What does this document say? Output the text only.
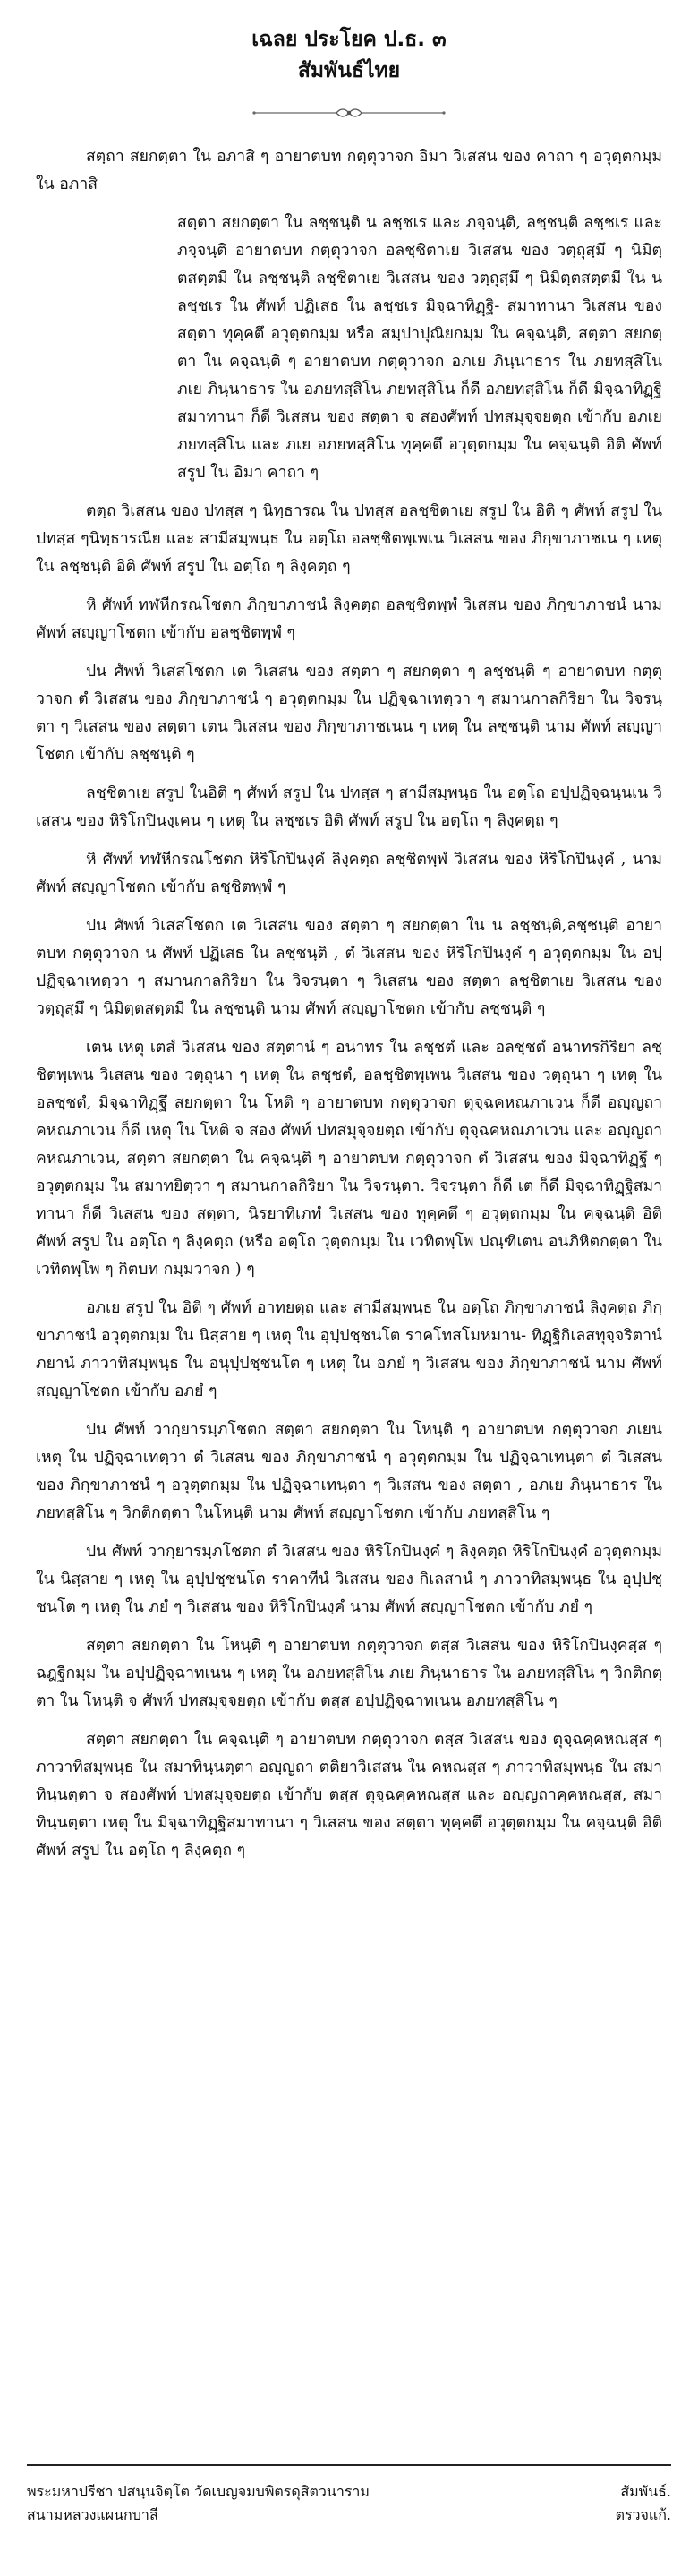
เฉลย ประโยค ป.ธ. ๓

สัมพันธ์ไทย

สตฺถา สยกตฺตา ใน อภาสิ ๆ อายาตบท กตฺตุวาจก อิมา วิเสสน ของ คาถา ๆ อวุตฺตกมฺม ใน อภาสิ

สตฺตา สยกตฺตา ใน ลชฺชนฺติ น ลชฺชเร และ ภจฺจนฺติ, ลชฺชนฺติ ลชฺชเร และ ภจฺจนฺติ อายาตบท กตฺตุวาจก อลชฺชิตาเย วิเสสน ของ วตฺถุสฺมึ ๆ นิมิตฺตสตฺตมี ใน ลชฺชนฺติ ลชฺชิตาเย วิเสสน ของ วตฺถุสฺมึ ๆ นิมิตฺตสตฺตมี ใน น ลชฺชเร ใน ศัพท์ ปฏิเสธ ใน ลชฺชเร มิจฺฉาทิฏฺฐิ- สมาทานา วิเสสน ของ สตฺตา ทุคฺคตึ อวุตฺตกมฺม หรือ สมฺปาปุณิยกมฺม ใน คจฺฉนฺติ, สตฺตา สยกตฺตา ใน คจฺฉนฺติ ๆ อายาตบท กตฺตุวาจก อภเย ภินฺนาธาร ใน ภยทสฺสิโน ภเย ภินฺนาธาร ใน อภยทสฺสิโน ภยทสฺสิโน ก็ดี อภยทสฺสิโน ก็ดี มิจฺฉาทิฏฺฐิสมาทานา ก็ดี วิเสสน ของ สตฺตา จ สองศัพท์ ปทสมุจฺจยตฺถ เข้ากับ อภเย ภยทสฺสิโน และ ภเย อภยทสฺสิโน ทุคฺคตึ อวุตฺตกมฺม ใน คจฺฉนฺติ อิติ ศัพท์ สรูป ใน อิมา คาถา ๆ

ตตฺถ วิเสสน ของ ปทสฺส ๆ นิทฺธารณ ใน ปทสฺส อลชฺชิตาเย สรูป ใน อิติ ๆ ศัพท์ สรูป ใน ปทสฺส ๆนิทฺธารณีย และ สามีสมฺพนฺธ ใน อตฺโถ อลชฺชิตพฺเพเน วิเสสน ของ ภิกฺขาภาชเน ๆ เหตุ ใน ลชฺชนฺติ อิติ ศัพท์ สรูป ใน อตฺโถ ๆ ลิงฺคตฺถ ๆ

หิ ศัพท์ ทฬหีกรณโชตก ภิกฺขาภาชนํ ลิงฺคตฺถ อลชฺชิตพฺพํ วิเสสน ของ ภิกฺขาภาชนํ นาม ศัพท์ สญฺญาโชตก เข้ากับ อลชฺชิตพฺพํ ๆ

ปน ศัพท์ วิเสสโชตก เต วิเสสน ของ สตฺตา ๆ สยกตฺตา ๆ ลชฺชนฺติ ๆ อายาตบท กตฺตุวาจก ตํ วิเสสน ของ ภิกฺขาภาชนํ ๆ อวุตฺตกมฺม ใน ปฏิจฺฉาเทตฺวา ๆ สมานกาลกิริยา ใน วิจรนฺตา ๆ วิเสสน ของ สตฺตา เตน วิเสสน ของ ภิกฺขาภาชเนน ๆ เหตุ ใน ลชฺชนฺติ นาม ศัพท์ สญฺญาโชตก เข้ากับ ลชฺชนฺติ ๆ

ลชฺชิตาเย สรูป ในอิติ ๆ ศัพท์ สรูป ใน ปทสฺส ๆ สามีสมฺพนฺธ ใน อตฺโถ อปฺปฏิจฺฉนฺนเน วิเสสน ของ หิริโกปินงฺเคน ๆ เหตุ ใน ลชฺชเร อิติ ศัพท์ สรูป ใน อตฺโถ ๆ ลิงฺคตฺถ ๆ

หิ ศัพท์ ทฬหีกรณโชตก หิริโกปินงฺคํ ลิงฺคตฺถ ลชฺชิตพฺพํ วิเสสน ของ หิริโกปินงฺคํ , นาม ศัพท์ สญฺญาโชตก เข้ากับ ลชฺชิตพฺพํ ๆ

ปน ศัพท์ วิเสสโชตก เต วิเสสน ของ สตฺตา ๆ สยกตฺตา ใน น ลชฺชนฺติ,ลชฺชนฺติ อายาตบท กตฺตุวาจก น ศัพท์ ปฏิเสธ ใน ลชฺชนฺติ , ตํ วิเสสน ของ หิริโกปินงฺคํ ๆ อวุตฺตกมฺม ใน อปฺปฏิจฺฉาเทตฺวา ๆ สมานกาลกิริยา ใน วิจรนฺตา ๆ วิเสสน ของ สตฺตา ลชฺชิตาเย วิเสสน ของ วตฺถุสฺมึ ๆ นิมิตฺตสตฺตมี ใน ลชฺชนฺติ นาม ศัพท์ สญฺญาโชตก เข้ากับ ลชฺชนฺติ ๆ

เตน เหตุ เตสํ วิเสสน ของ สตฺตานํ ๆ อนาทร ใน ลชฺชตํ และ อลชฺชตํ อนาทรกิริยา ลชฺชิตพฺเพน วิเสสน ของ วตฺถุนา ๆ เหตุ ใน ลชฺชตํ, อลชฺชิตพฺเพน วิเสสน ของ วตฺถุนา ๆ เหตุ ใน อลชฺชตํ, มิจฺฉาทิฏฺฐึ สยกตฺตา ใน โหติ ๆ อายาตบท กตฺตุวาจก ตุจฺฉคหณภาเวน ก็ดี อญฺญถาคหณภาเวน ก็ดี เหตุ ใน โหติ จ สอง ศัพท์ ปทสมุจฺจยตฺถ เข้ากับ ตุจฺฉคหณภาเวน และ อญฺญถาคหณภาเวน, สตฺตา สยกตฺตา ใน คจฺฉนฺติ ๆ อายาตบท กตฺตุวาจก ตํ วิเสสน ของ มิจฺฉาทิฏฺฐึ ๆ อวุตฺตกมฺม ใน สมาทยิตฺวา ๆ สมานกาลกิริยา ใน วิจรนฺตา. วิจรนฺตา ก็ดี เต ก็ดี มิจฺฉาทิฏฺฐิสมาทานา ก็ดี วิเสสน ของ สตฺตา, นิรยาทิเภทํ วิเสสน ของ ทุคฺคตึ ๆ อวุตฺตกมฺม ใน คจฺฉนฺติ อิติ ศัพท์ สรูป ใน อตฺโถ ๆ ลิงฺคตฺถ (หรือ อตฺโถ วุตฺตกมฺม ใน เวทิตพฺโพ ปณฺฑิเตน อนภิหิตกตฺตา ใน เวทิตพฺโพ ๆ กิตบท กมฺมวาจก ) ๆ

อภเย สรูป ใน อิติ ๆ ศัพท์ อาทยตฺถ และ สามีสมฺพนฺธ ใน อตฺโถ ภิกฺขาภาชนํ ลิงฺคตฺถ ภิกฺขาภาชนํ อวุตฺตกมฺม ใน นิสฺสาย ๆ เหตุ ใน อุปฺปชฺชนโต ราคโทสโมหมาน- ทิฏฺฐิกิเลสทุจฺจริตานํ ภยานํ ภาวาทิสมฺพนฺธ ใน อนุปฺปชฺชนโต ๆ เหตุ ใน อภยํ ๆ วิเสสน ของ ภิกฺขาภาชนํ นาม ศัพท์ สญฺญาโชตก เข้ากับ อภยํ ๆ

ปน ศัพท์ วากฺยารมฺภโชตก สตฺตา สยกตฺตา ใน โหนฺติ ๆ อายาตบท กตฺตุวาจก ภเยน เหตุ ใน ปฏิจฺฉาเทตฺวา ตํ วิเสสน ของ ภิกฺขาภาชนํ ๆ อวุตฺตกมฺม ใน ปฏิจฺฉาเทนฺตา ตํ วิเสสน ของ ภิกฺขาภาชนํ ๆ อวุตฺตกมฺม ใน ปฏิจฺฉาเทนฺตา ๆ วิเสสน ของ สตฺตา , อภเย ภินฺนาธาร ใน ภยทสฺสิโน ๆ วิกติกตฺตา ในโหนฺติ นาม ศัพท์ สญฺญาโชตก เข้ากับ ภยทสฺสิโน ๆ

ปน ศัพท์ วากฺยารมฺภโชตก ตํ วิเสสน ของ หิริโกปินงฺคํ ๆ ลิงฺคตฺถ หิริโกปินงฺคํ อวุตฺตกมฺม ใน นิสฺสาย ๆ เหตุ ใน อุปฺปชฺชนโต ราคาทีนํ วิเสสน ของ กิเลสานํ ๆ ภาวาทิสมฺพนฺธ ใน อุปฺปชฺชนโต ๆ เหตุ ใน ภยํ ๆ วิเสสน ของ หิริโกปินงฺคํ นาม ศัพท์ สญฺญาโชตก เข้ากับ ภยํ ๆ

สตฺตา สยกตฺตา ใน โหนฺติ ๆ อายาตบท กตฺตุวาจก ตสฺส วิเสสน ของ หิริโกปินงฺคสฺส ๆ ฉฎฐีกมฺม ใน อปฺปฏิจฺฉาทเนน ๆ เหตุ ใน อภยทสฺสิโน ภเย ภินฺนาธาร ใน อภยทสฺสิโน ๆ วิกติกตฺตา ใน โหนฺติ จ ศัพท์ ปทสมุจฺจยตฺถ เข้ากับ ตสฺส อปฺปฏิจฺฉาทเนน อภยทสฺสิโน ๆ

สตฺตา สยกตฺตา ใน คจฺฉนฺติ ๆ อายาตบท กตฺตุวาจก ตสฺส วิเสสน ของ ตุจฺฉคฺคหณสฺส ๆ ภาวาทิสมฺพนฺธ ใน สมาทินฺนตฺตา อญฺญถา ตติยาวิเสสน ใน คหณสฺส ๆ ภาวาทิสมฺพนฺธ ใน สมาทินฺนตฺตา จ สองศัพท์ ปทสมุจฺจยตฺถ เข้ากับ ตสฺส ตุจฺฉคฺคหณสฺส และ อญฺญถาคฺคหณสฺส, สมาทินฺนตฺตา เหตุ ใน มิจฺฉาทิฏฺฐิสมาทานา ๆ วิเสสน ของ สตฺตา ทุคฺคตึ อวุตฺตกมฺม ใน คจฺฉนฺติ อิติ ศัพท์ สรูป ใน อตฺโถ ๆ ลิงฺคตฺถ ๆ

พระมหาปรีชา ปสนฺนจิตฺโต วัดเบญจมบพิตรดุสิตวนาราม
สนามหลวงแผนกบาลี
สัมพันธ์.
ตรวจแก้.
